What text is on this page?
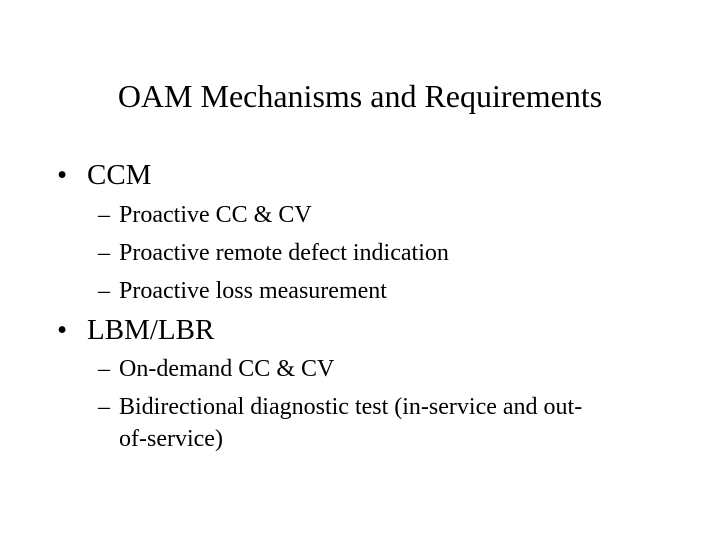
OAM Mechanisms and Requirements
• CCM
– Proactive CC & CV
– Proactive remote defect indication
– Proactive loss measurement
• LBM/LBR
– On-demand CC & CV
– Bidirectional diagnostic test (in-service and out-
of-service)
